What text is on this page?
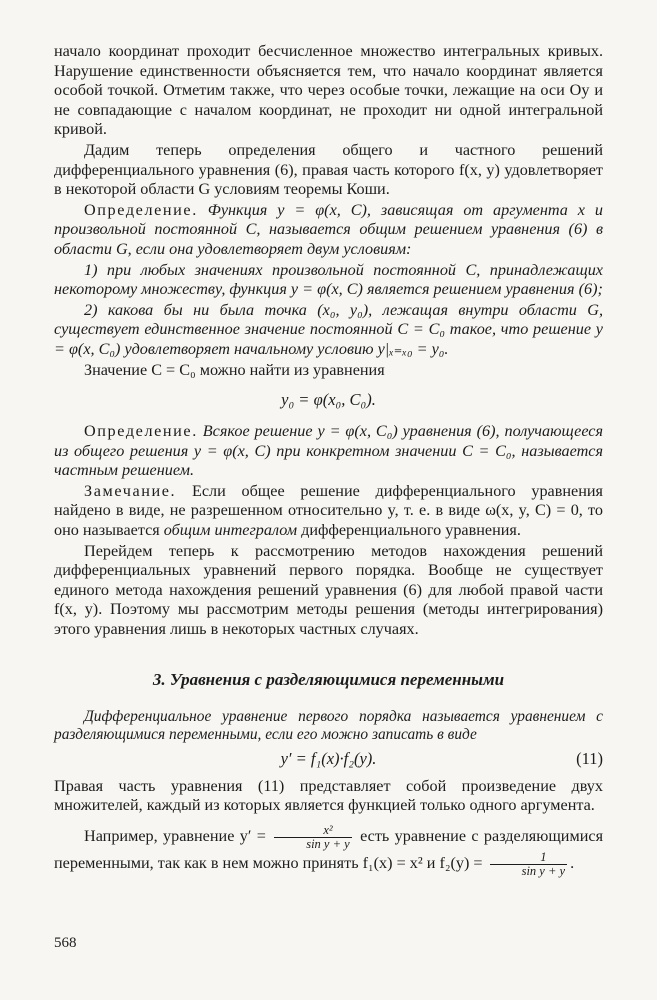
начало координат проходит бесчисленное множество интегральных кривых. Нарушение единственности объясняется тем, что начало координат является особой точкой. Отметим также, что через особые точки, лежащие на оси Oy и не совпадающие с началом координат, не проходит ни одной интегральной кривой.

Дадим теперь определения общего и частного решений дифференциального уравнения (6), правая часть которого f(x, y) удовлетворяет в некоторой области G условиям теоремы Коши.

Определение. Функция y = φ(x, C), зависящая от аргумента x и произвольной постоянной C, называется общим решением уравнения (6) в области G, если она удовлетворяет двум условиям:

1) при любых значениях произвольной постоянной C, принадлежащих некоторому множеству, функция y = φ(x, C) является решением уравнения (6);

2) какова бы ни была точка (x₀, y₀), лежащая внутри области G, существует единственное значение постоянной C = C₀ такое, что решение y = φ(x, C₀) удовлетворяет начальному условию y|ₓ₌ₓ₀ = y₀.

Значение C = C₀ можно найти из уравнения

y₀ = φ(x₀, C₀).

Определение. Всякое решение y = φ(x, C₀) уравнения (6), получающееся из общего решения y = φ(x, C) при конкретном значении C = C₀, называется частным решением.

Замечание. Если общее решение дифференциального уравнения найдено в виде, не разрешенном относительно y, т. е. в виде ω(x, y, C) = 0, то оно называется общим интегралом дифференциального уравнения.

Перейдем теперь к рассмотрению методов нахождения решений дифференциальных уравнений первого порядка. Вообще не существует единого метода нахождения решений уравнения (6) для любой правой части f(x, y). Поэтому мы рассмотрим методы решения (методы интегрирования) этого уравнения лишь в некоторых частных случаях.

3. Уравнения с разделяющимися переменными

Дифференциальное уравнение первого порядка называется уравнением с разделяющимися переменными, если его можно записать в виде

y′ = f₁(x)·f₂(y).	(11)

Правая часть уравнения (11) представляет собой произведение двух множителей, каждый из которых является функцией только одного аргумента.

Например, уравнение $y' = \frac{\text{x²}}{\text{sin y + y}}$ есть уравнение с разделяющимися переменными, так как в нем можно принять f₁(x) = x² и $f_2(y) = \frac{1}{\text{sin y + y}}$ .

568
